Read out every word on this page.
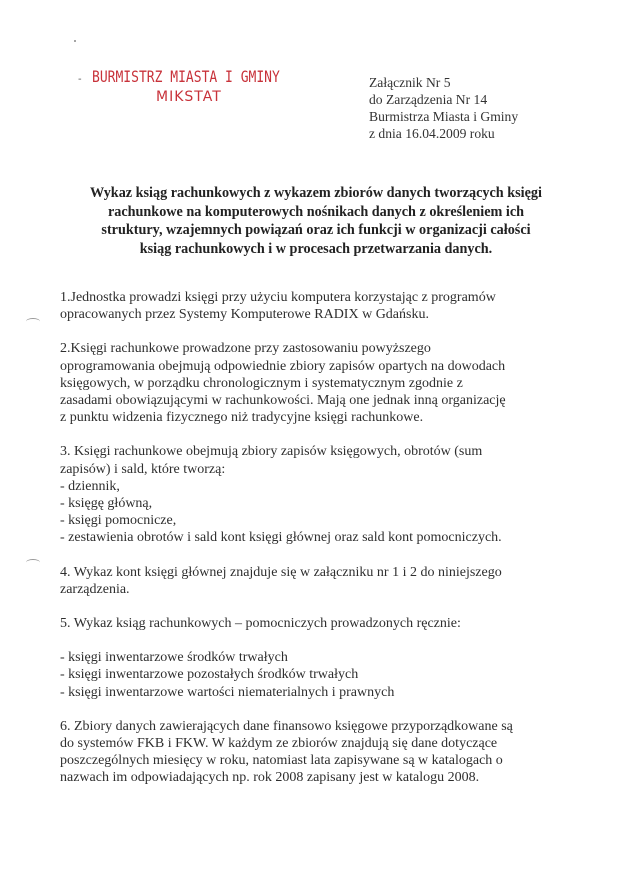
- BURMISTRZ MIASTA I GMINY
MIKSTAT
Załącznik Nr 5
do Zarządzenia Nr 14
Burmistrza Miasta i Gminy
z dnia 16.04.2009 roku
Wykaz ksiąg rachunkowych z wykazem zbiorów danych tworzących księgi
rachunkowe na komputerowych nośnikach danych z określeniem ich
struktury, wzajemnych powiązań oraz ich funkcji w organizacji całości
ksiąg rachunkowych i w procesach przetwarzania danych.
1.Jednostka prowadzi księgi przy użyciu komputera korzystając z programów
opracowanych przez Systemy Komputerowe RADIX w Gdańsku.
2.Księgi rachunkowe prowadzone przy zastosowaniu powyższego
oprogramowania obejmują odpowiednie zbiory zapisów opartych na dowodach
księgowych, w porządku chronologicznym i systematycznym zgodnie z
zasadami obowiązującymi w rachunkowości. Mają one jednak inną organizację
z punktu widzenia fizycznego niż tradycyjne księgi rachunkowe.
3. Księgi rachunkowe obejmują zbiory zapisów księgowych, obrotów (sum
zapisów) i sald, które tworzą:
- dziennik,
- księgę główną,
- księgi pomocnicze,
- zestawienia obrotów i sald kont księgi głównej oraz sald kont pomocniczych.
4. Wykaz kont księgi głównej znajduje się w załączniku nr 1 i 2 do niniejszego
zarządzenia.
5. Wykaz ksiąg rachunkowych – pomocniczych prowadzonych ręcznie:
- księgi inwentarzowe środków trwałych
- księgi inwentarzowe pozostałych środków trwałych
- księgi inwentarzowe wartości niematerialnych i prawnych
6. Zbiory danych zawierających dane finansowo księgowe przyporządkowane są
do systemów FKB i FKW. W każdym ze zbiorów znajdują się dane dotyczące
poszczególnych miesięcy w roku, natomiast lata zapisywane są w katalogach o
nazwach im odpowiadających np. rok 2008 zapisany jest w katalogu 2008.
